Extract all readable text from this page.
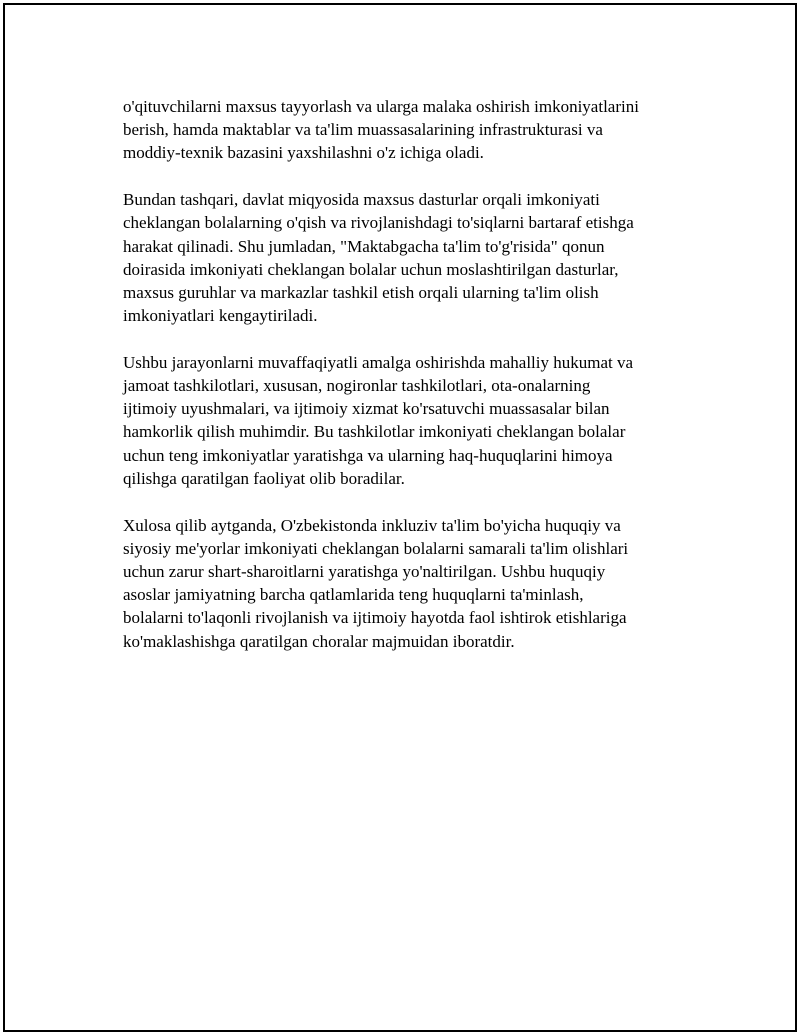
o'qituvchilarni maxsus tayyorlash va ularga malaka oshirish imkoniyatlarini
berish, hamda maktablar va ta'lim muassasalarining infrastrukturasi va
moddiy-texnik bazasini yaxshilashni o'z ichiga oladi.
Bundan tashqari, davlat miqyosida maxsus dasturlar orqali imkoniyati
cheklangan bolalarning o'qish va rivojlanishdagi to'siqlarni bartaraf etishga
harakat qilinadi. Shu jumladan, "Maktabgacha ta'lim to'g'risida" qonun
doirasida imkoniyati cheklangan bolalar uchun moslashtirilgan dasturlar,
maxsus guruhlar va markazlar tashkil etish orqali ularning ta'lim olish
imkoniyatlari kengaytiriladi.
Ushbu jarayonlarni muvaffaqiyatli amalga oshirishda mahalliy hukumat va
jamoat tashkilotlari, xususan, nogironlar tashkilotlari, ota-onalarning
ijtimoiy uyushmalari, va ijtimoiy xizmat ko'rsatuvchi muassasalar bilan
hamkorlik qilish muhimdir. Bu tashkilotlar imkoniyati cheklangan bolalar
uchun teng imkoniyatlar yaratishga va ularning haq-huquqlarini himoya
qilishga qaratilgan faoliyat olib boradilar.
Xulosa qilib aytganda, O'zbekistonda inkluziv ta'lim bo'yicha huquqiy va
siyosiy me'yorlar imkoniyati cheklangan bolalarni samarali ta'lim olishlari
uchun zarur shart-sharoitlarni yaratishga yo'naltirilgan. Ushbu huquqiy
asoslar jamiyatning barcha qatlamlarida teng huquqlarni ta'minlash,
bolalarni to'laqonli rivojlanish va ijtimoiy hayotda faol ishtirok etishlariga
ko'maklashishga qaratilgan choralar majmuidan iboratdir.
